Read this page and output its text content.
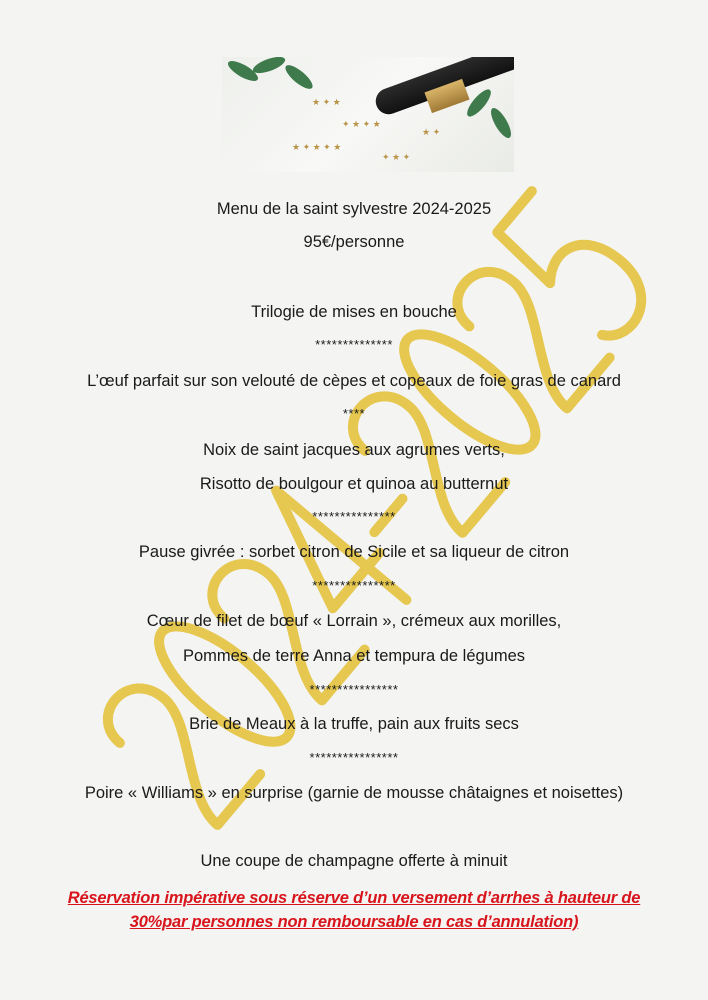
★ ✦ ★
✦ ★ ✦ ★
★ ✦ ★ ✦ ★
✦ ★ ✦
★ ✦
Menu de la saint sylvestre 2024-2025
95€/personne
Trilogie de mises en bouche
**************
L’œuf parfait sur son velouté de cèpes et copeaux de foie gras de canard
****
Noix de saint jacques aux agrumes verts,
Risotto de boulgour et quinoa au butternut
***************
Pause givrée : sorbet citron de Sicile et sa liqueur de citron
***************
Cœur de filet de bœuf « Lorrain », crémeux aux morilles,
Pommes de terre Anna et tempura de légumes
****************
Brie de Meaux à la truffe, pain aux fruits secs
****************
Poire « Williams » en surprise (garnie de mousse châtaignes et noisettes)
Une coupe de champagne offerte à minuit
Réservation impérative sous réserve d’un versement d’arrhes à hauteur de
30%par personnes non remboursable en cas d’annulation)
